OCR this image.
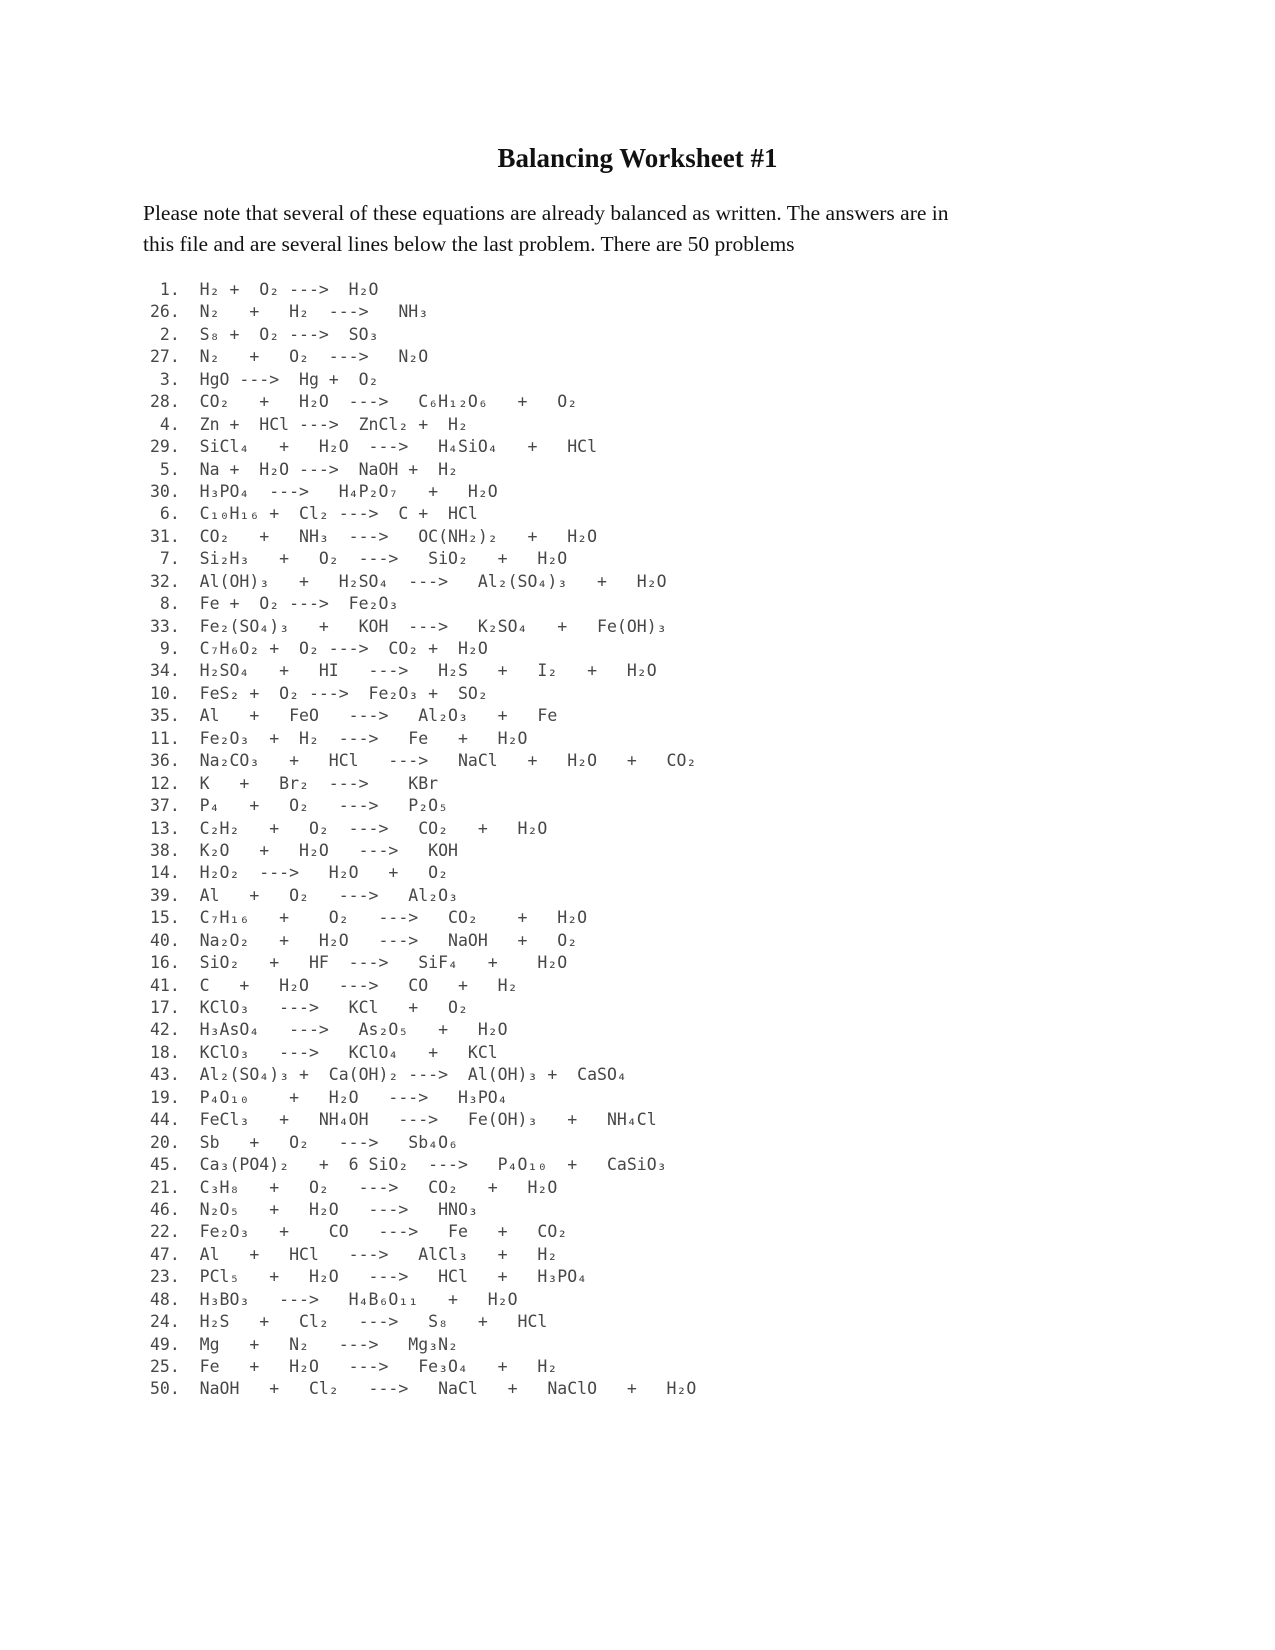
Balancing Worksheet #1
Please note that several of these equations are already balanced as written. The answers are in
this file and are several lines below the last problem. There are 50 problems
1.  H₂ +  O₂ --->  H₂O
26.  N₂   +   H₂  --->   NH₃
2.  S₈ +  O₂ --->  SO₃
27.  N₂   +   O₂  --->   N₂O
3.  HgO --->  Hg +  O₂
28.  CO₂   +   H₂O  --->   C₆H₁₂O₆   +   O₂
4.  Zn +  HCl --->  ZnCl₂ +  H₂
29.  SiCl₄   +   H₂O  --->   H₄SiO₄   +   HCl
5.  Na +  H₂O --->  NaOH +  H₂
30.  H₃PO₄  --->   H₄P₂O₇   +   H₂O
6.  C₁₀H₁₆ +  Cl₂ --->  C +  HCl
31.  CO₂   +   NH₃  --->   OC(NH₂)₂   +   H₂O
7.  Si₂H₃   +   O₂  --->   SiO₂   +   H₂O
32.  Al(OH)₃   +   H₂SO₄  --->   Al₂(SO₄)₃   +   H₂O
8.  Fe +  O₂ --->  Fe₂O₃
33.  Fe₂(SO₄)₃   +   KOH  --->   K₂SO₄   +   Fe(OH)₃
9.  C₇H₆O₂ +  O₂ --->  CO₂ +  H₂O
34.  H₂SO₄   +   HI   --->   H₂S   +   I₂   +   H₂O
10.  FeS₂ +  O₂ --->  Fe₂O₃ +  SO₂
35.  Al   +   FeO   --->   Al₂O₃   +   Fe
11.  Fe₂O₃  +  H₂  --->   Fe   +   H₂O
36.  Na₂CO₃   +   HCl   --->   NaCl   +   H₂O   +   CO₂
12.  K   +   Br₂  --->    KBr
37.  P₄   +   O₂   --->   P₂O₅
13.  C₂H₂   +   O₂  --->   CO₂   +   H₂O
38.  K₂O   +   H₂O   --->   KOH
14.  H₂O₂  --->   H₂O   +   O₂
39.  Al   +   O₂   --->   Al₂O₃
15.  C₇H₁₆   +    O₂   --->   CO₂    +   H₂O
40.  Na₂O₂   +   H₂O   --->   NaOH   +   O₂
16.  SiO₂   +   HF  --->   SiF₄   +    H₂O
41.  C   +   H₂O   --->   CO   +   H₂
17.  KClO₃   --->   KCl   +   O₂
42.  H₃AsO₄   --->   As₂O₅   +   H₂O
18.  KClO₃   --->   KClO₄   +   KCl
43.  Al₂(SO₄)₃ +  Ca(OH)₂ --->  Al(OH)₃ +  CaSO₄
19.  P₄O₁₀    +   H₂O   --->   H₃PO₄
44.  FeCl₃   +   NH₄OH   --->   Fe(OH)₃   +   NH₄Cl
20.  Sb   +   O₂   --->   Sb₄O₆
45.  Ca₃(PO4)₂   +  6 SiO₂  --->   P₄O₁₀  +   CaSiO₃
21.  C₃H₈   +   O₂   --->   CO₂   +   H₂O
46.  N₂O₅   +   H₂O   --->   HNO₃
22.  Fe₂O₃   +    CO   --->   Fe   +   CO₂
47.  Al   +   HCl   --->   AlCl₃   +   H₂
23.  PCl₅   +   H₂O   --->   HCl   +   H₃PO₄
48.  H₃BO₃   --->   H₄B₆O₁₁   +   H₂O
24.  H₂S   +   Cl₂   --->   S₈   +   HCl
49.  Mg   +   N₂   --->   Mg₃N₂
25.  Fe   +   H₂O   --->   Fe₃O₄   +   H₂
50.  NaOH   +   Cl₂   --->   NaCl   +   NaClO   +   H₂O
